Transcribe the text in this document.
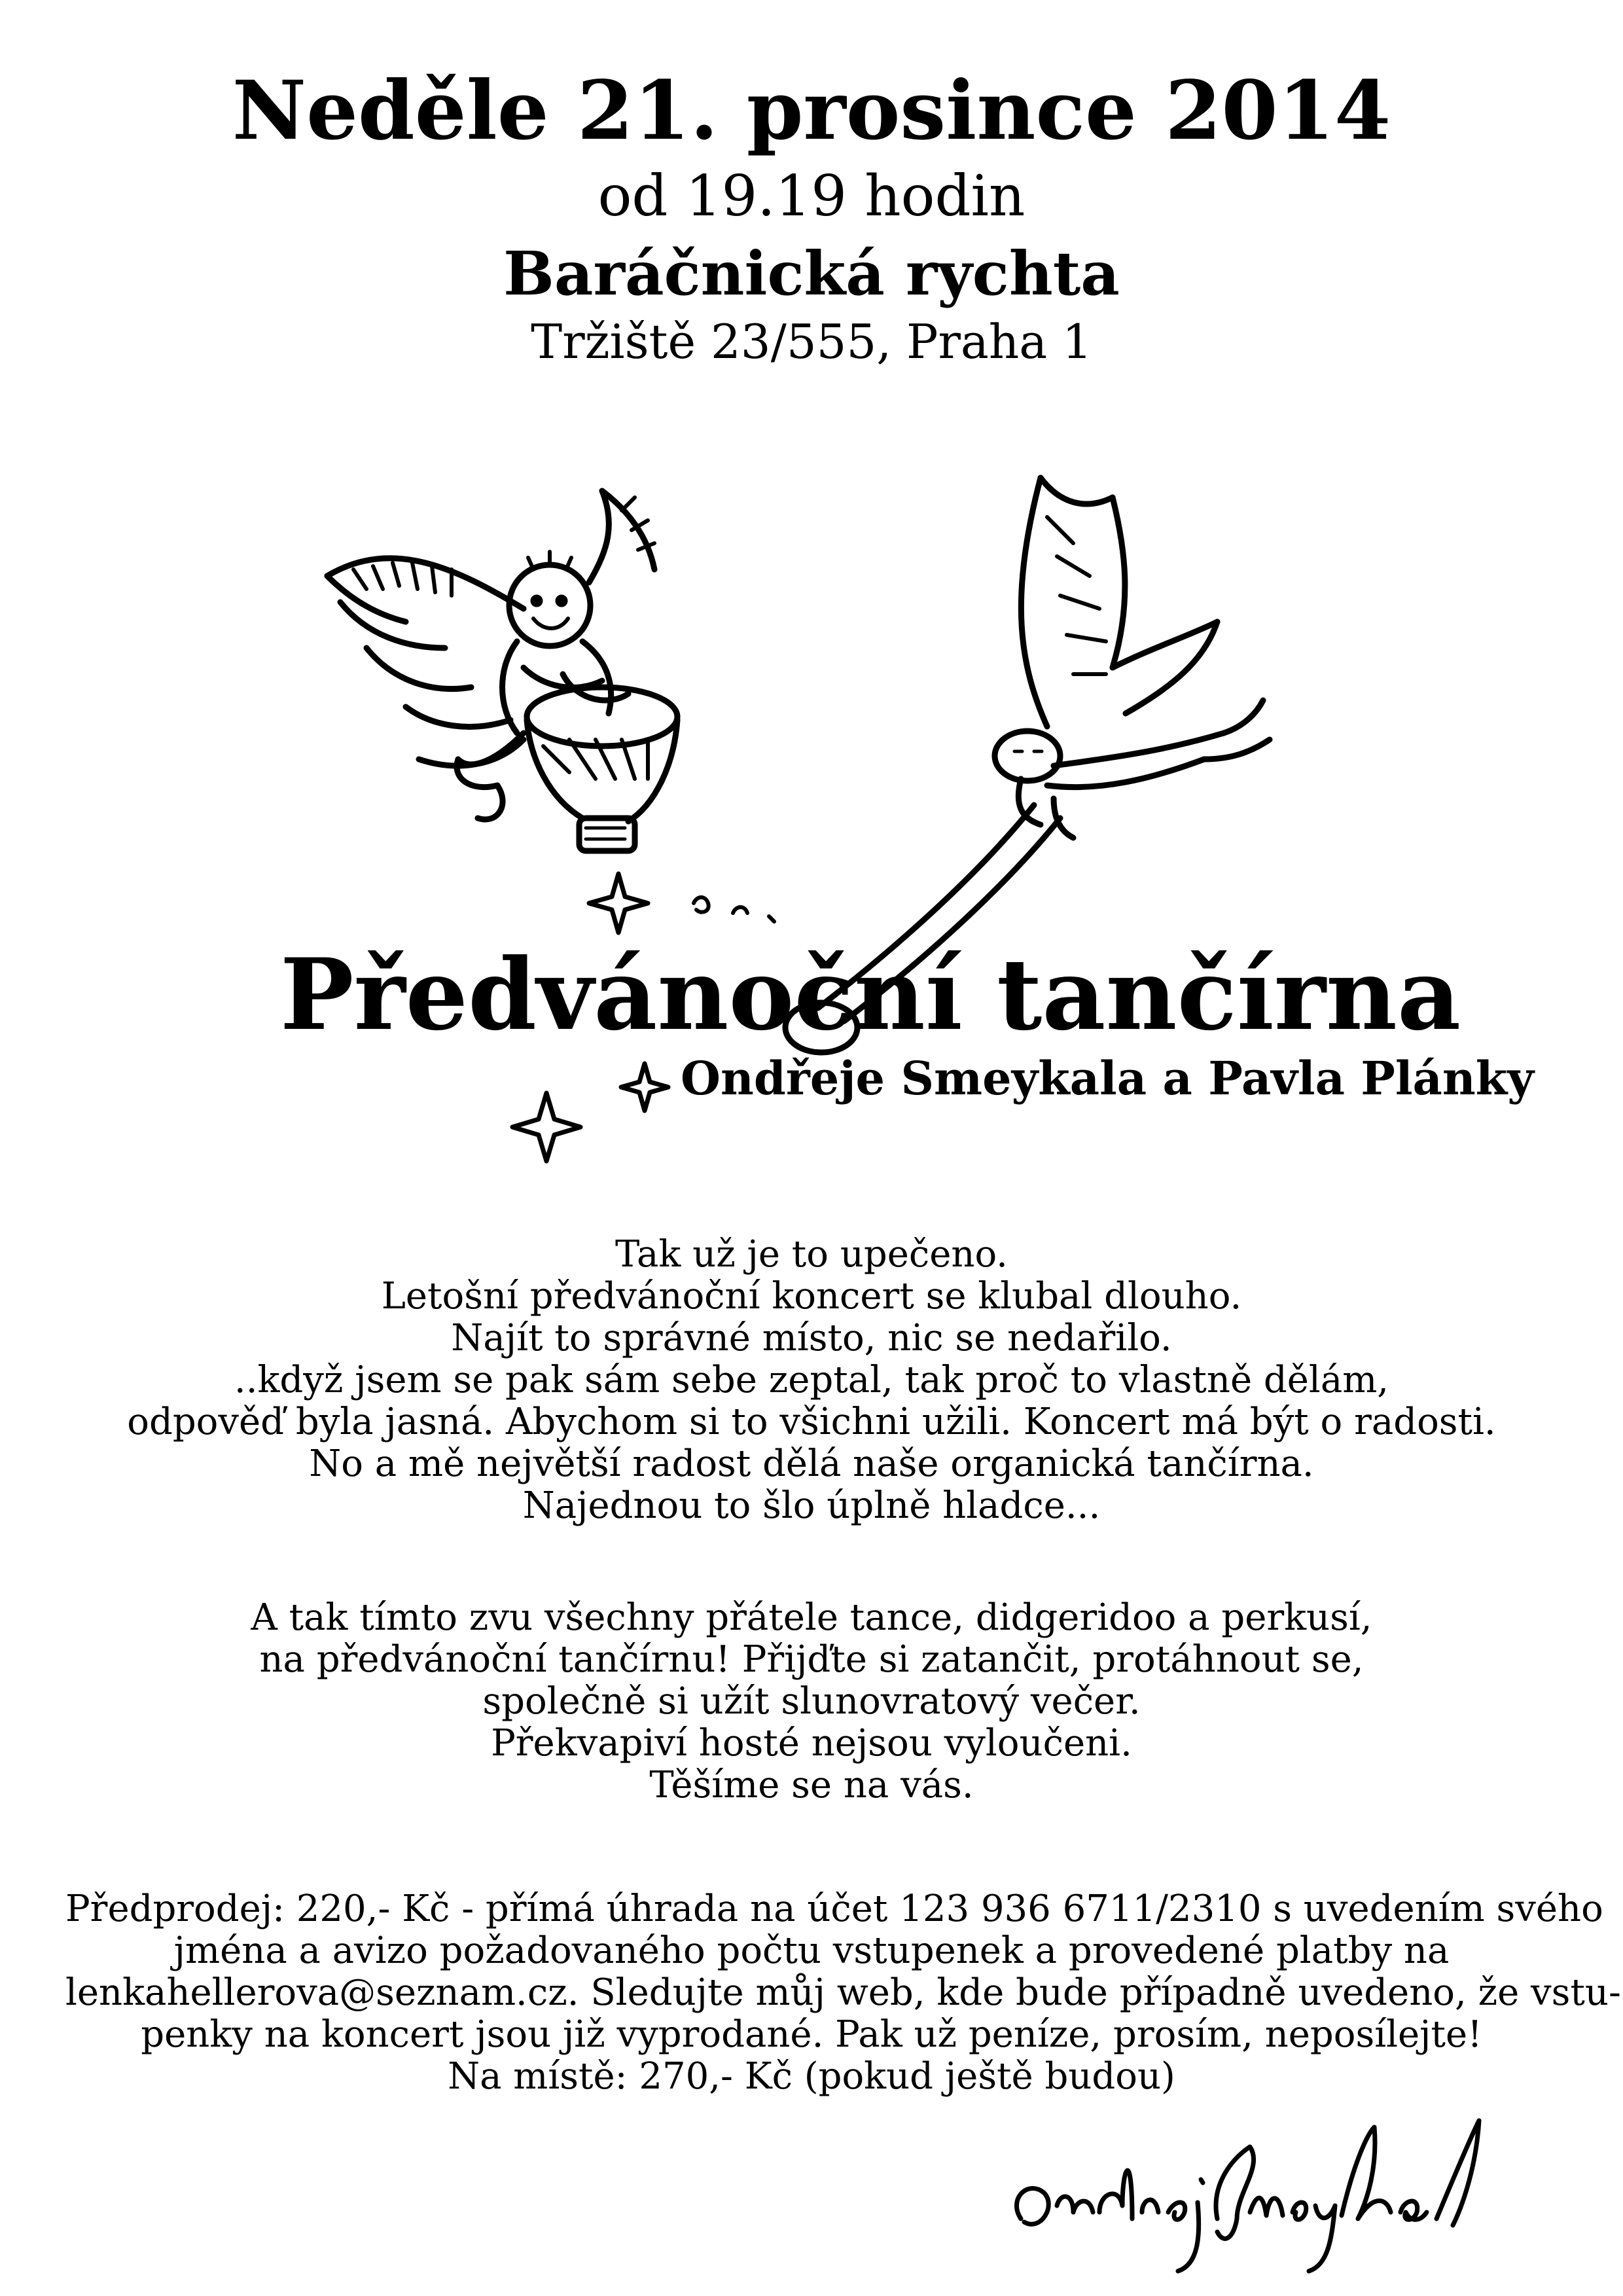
Neděle 21. prosince 2014
od 19.19 hodin
Baráčnická rychta
Tržiště 23/555, Praha 1
Předvánoční tančírna
Ondřeje Smeykala a Pavla Plánky
Tak už je to upečeno.
Letošní předvánoční koncert se klubal dlouho.
Najít to správné místo, nic se nedařilo.
..když jsem se pak sám sebe zeptal, tak proč to vlastně dělám,
odpověď byla jasná. Abychom si to všichni užili. Koncert má být o radosti.
No a mě největší radost dělá naše organická tančírna.
Najednou to šlo úplně hladce...
A tak tímto zvu všechny přátele tance, didgeridoo a perkusí,
na předvánoční tančírnu! Přijďte si zatančit, protáhnout se,
společně si užít slunovratový večer.
Překvapiví hosté nejsou vyloučeni.
Těšíme se na vás.
Předprodej: 220,- Kč - přímá úhrada na účet 123 936 6711/2310 s uvedením svého
jména a avizo požadovaného počtu vstupenek a provedené platby na
lenkahellerova@seznam.cz. Sledujte můj web, kde bude případně uvedeno, že vstu-
penky na koncert jsou již vyprodané. Pak už peníze, prosím, neposílejte!
Na místě: 270,- Kč (pokud ještě budou)
